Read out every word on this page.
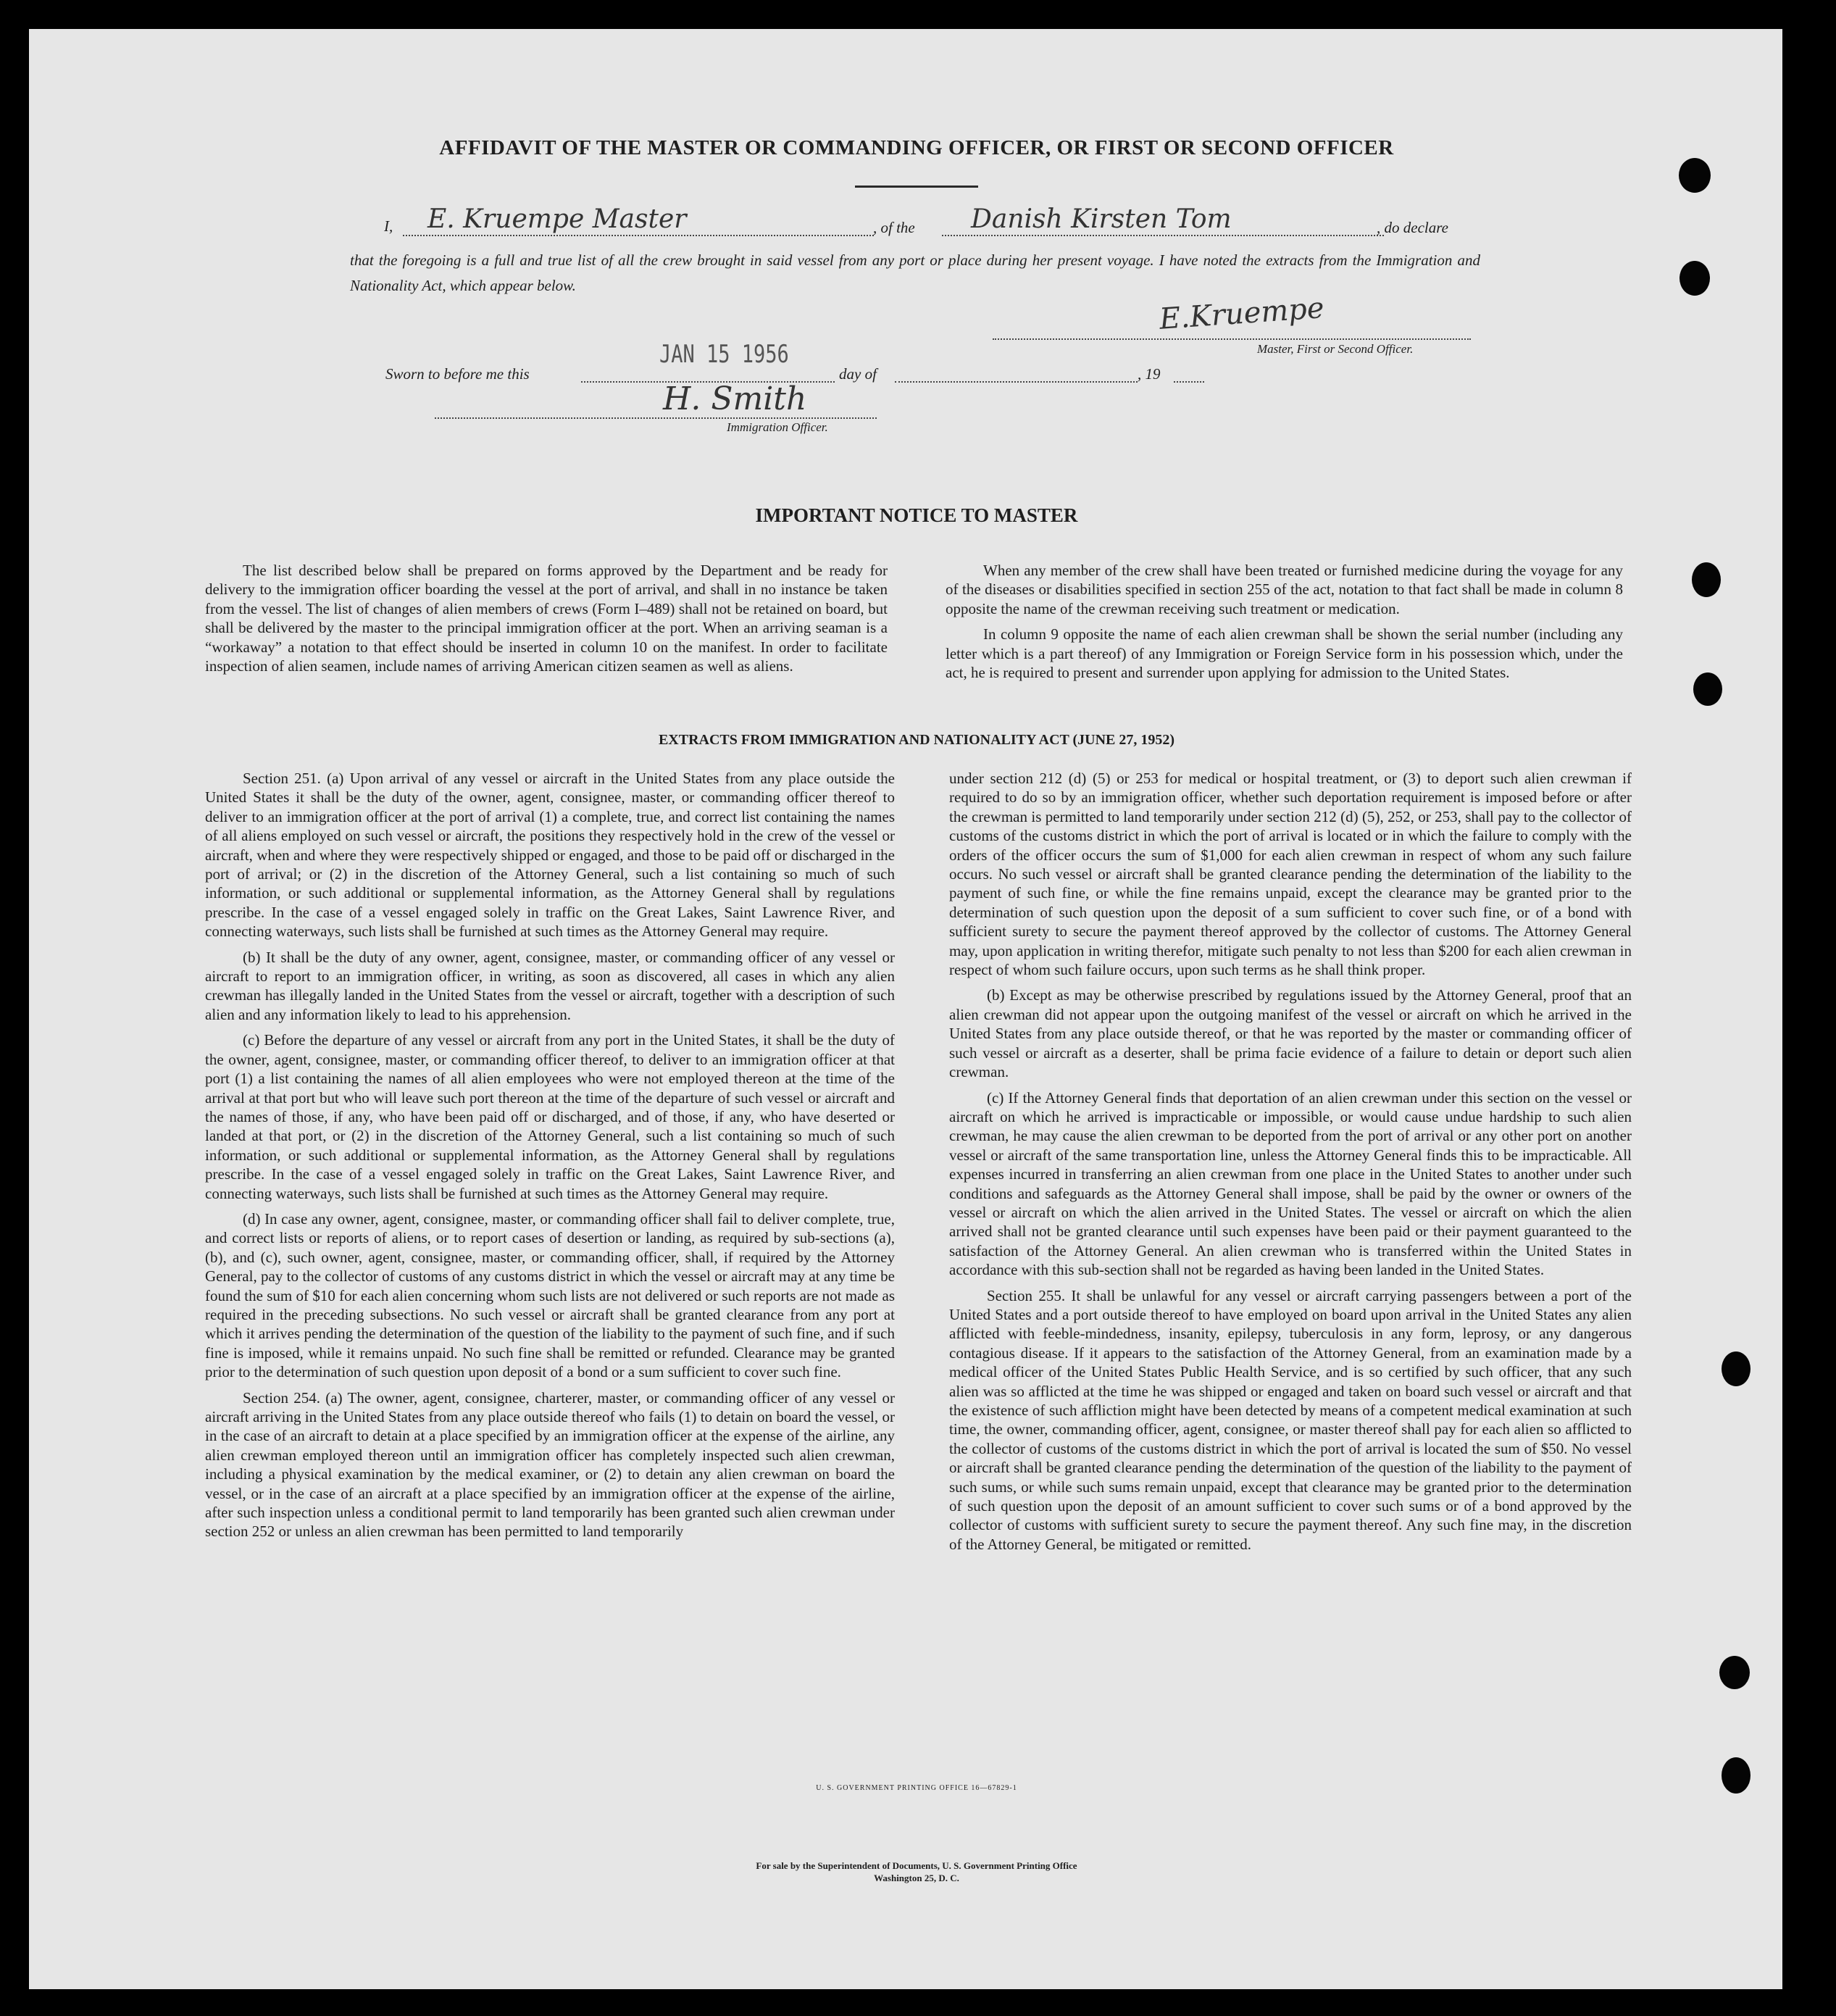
AFFIDAVIT OF THE MASTER OR COMMANDING OFFICER, OR FIRST OR SECOND OFFICER
I, E. Kruempe Master	, of the Danish Kirsten Tom	, do declare
that the foregoing is a full and true list of all the crew brought in said vessel from any port or place during her present voyage. I have noted the extracts from the Immigration and Nationality Act, which appear below.
E.Kruempe
Master, First or Second Officer.
Sworn to before me this
JAN 15 1956
day of	, 19
H. Smith
Immigration Officer.
IMPORTANT NOTICE TO MASTER

The list described below shall be prepared on forms approved by the Department and be ready for delivery to the immigration officer boarding the vessel at the port of arrival, and shall in no instance be taken from the vessel. The list of changes of alien members of crews (Form I–489) shall not be retained on board, but shall be delivered by the master to the principal immigration officer at the port. When an arriving seaman is a “workaway” a notation to that effect should be inserted in column 10 on the manifest. In order to facilitate inspection of alien seamen, include names of arriving American citizen seamen as well as aliens.

When any member of the crew shall have been treated or furnished medicine during the voyage for any of the diseases or disabilities specified in section 255 of the act, notation to that fact shall be made in column 8 opposite the name of the crewman receiving such treatment or medication.

In column 9 opposite the name of each alien crewman shall be shown the serial number (including any letter which is a part thereof) of any Immigration or Foreign Service form in his possession which, under the act, he is required to present and surrender upon applying for admission to the United States.

EXTRACTS FROM IMMIGRATION AND NATIONALITY ACT (JUNE 27, 1952)

Section 251. (a) Upon arrival of any vessel or aircraft in the United States from any place outside the United States it shall be the duty of the owner, agent, consignee, master, or commanding officer thereof to deliver to an immigration officer at the port of arrival (1) a complete, true, and correct list containing the names of all aliens employed on such vessel or aircraft, the positions they respectively hold in the crew of the vessel or aircraft, when and where they were respectively shipped or engaged, and those to be paid off or discharged in the port of arrival; or (2) in the discretion of the Attorney General, such a list containing so much of such information, or such additional or supplemental information, as the Attorney General shall by regulations prescribe. In the case of a vessel engaged solely in traffic on the Great Lakes, Saint Lawrence River, and connecting waterways, such lists shall be furnished at such times as the Attorney General may require.

(b) It shall be the duty of any owner, agent, consignee, master, or commanding officer of any vessel or aircraft to report to an immigration officer, in writing, as soon as discovered, all cases in which any alien crewman has illegally landed in the United States from the vessel or aircraft, together with a description of such alien and any information likely to lead to his apprehension.

(c) Before the departure of any vessel or aircraft from any port in the United States, it shall be the duty of the owner, agent, consignee, master, or commanding officer thereof, to deliver to an immigration officer at that port (1) a list containing the names of all alien employees who were not employed thereon at the time of the arrival at that port but who will leave such port thereon at the time of the departure of such vessel or aircraft and the names of those, if any, who have been paid off or discharged, and of those, if any, who have deserted or landed at that port, or (2) in the discretion of the Attorney General, such a list containing so much of such information, or such additional or supplemental information, as the Attorney General shall by regulations prescribe. In the case of a vessel engaged solely in traffic on the Great Lakes, Saint Lawrence River, and connecting waterways, such lists shall be furnished at such times as the Attorney General may require.

(d) In case any owner, agent, consignee, master, or commanding officer shall fail to deliver complete, true, and correct lists or reports of aliens, or to report cases of desertion or landing, as required by sub-sections (a), (b), and (c), such owner, agent, consignee, master, or commanding officer, shall, if required by the Attorney General, pay to the collector of customs of any customs district in which the vessel or aircraft may at any time be found the sum of $10 for each alien concerning whom such lists are not delivered or such reports are not made as required in the preceding subsections. No such vessel or aircraft shall be granted clearance from any port at which it arrives pending the determination of the question of the liability to the payment of such fine, and if such fine is imposed, while it remains unpaid. No such fine shall be remitted or refunded. Clearance may be granted prior to the determination of such question upon deposit of a bond or a sum sufficient to cover such fine.

Section 254. (a) The owner, agent, consignee, charterer, master, or commanding officer of any vessel or aircraft arriving in the United States from any place outside thereof who fails (1) to detain on board the vessel, or in the case of an aircraft to detain at a place specified by an immigration officer at the expense of the airline, any alien crewman employed thereon until an immigration officer has completely inspected such alien crewman, including a physical examination by the medical examiner, or (2) to detain any alien crewman on board the vessel, or in the case of an aircraft at a place specified by an immigration officer at the expense of the airline, after such inspection unless a conditional permit to land temporarily has been granted such alien crewman under section 252 or unless an alien crewman has been permitted to land temporarily

under section 212 (d) (5) or 253 for medical or hospital treatment, or (3) to deport such alien crewman if required to do so by an immigration officer, whether such deportation requirement is imposed before or after the crewman is permitted to land temporarily under section 212 (d) (5), 252, or 253, shall pay to the collector of customs of the customs district in which the port of arrival is located or in which the failure to comply with the orders of the officer occurs the sum of $1,000 for each alien crewman in respect of whom any such failure occurs. No such vessel or aircraft shall be granted clearance pending the determination of the liability to the payment of such fine, or while the fine remains unpaid, except the clearance may be granted prior to the determination of such question upon the deposit of a sum sufficient to cover such fine, or of a bond with sufficient surety to secure the payment thereof approved by the collector of customs. The Attorney General may, upon application in writing therefor, mitigate such penalty to not less than $200 for each alien crewman in respect of whom such failure occurs, upon such terms as he shall think proper.

(b) Except as may be otherwise prescribed by regulations issued by the Attorney General, proof that an alien crewman did not appear upon the outgoing manifest of the vessel or aircraft on which he arrived in the United States from any place outside thereof, or that he was reported by the master or commanding officer of such vessel or aircraft as a deserter, shall be prima facie evidence of a failure to detain or deport such alien crewman.

(c) If the Attorney General finds that deportation of an alien crewman under this section on the vessel or aircraft on which he arrived is impracticable or impossible, or would cause undue hardship to such alien crewman, he may cause the alien crewman to be deported from the port of arrival or any other port on another vessel or aircraft of the same transportation line, unless the Attorney General finds this to be impracticable. All expenses incurred in transferring an alien crewman from one place in the United States to another under such conditions and safeguards as the Attorney General shall impose, shall be paid by the owner or owners of the vessel or aircraft on which the alien arrived in the United States. The vessel or aircraft on which the alien arrived shall not be granted clearance until such expenses have been paid or their payment guaranteed to the satisfaction of the Attorney General. An alien crewman who is transferred within the United States in accordance with this sub-section shall not be regarded as having been landed in the United States.

Section 255. It shall be unlawful for any vessel or aircraft carrying passengers between a port of the United States and a port outside thereof to have employed on board upon arrival in the United States any alien afflicted with feeble-mindedness, insanity, epilepsy, tuberculosis in any form, leprosy, or any dangerous contagious disease. If it appears to the satisfaction of the Attorney General, from an examination made by a medical officer of the United States Public Health Service, and is so certified by such officer, that any such alien was so afflicted at the time he was shipped or engaged and taken on board such vessel or aircraft and that the existence of such affliction might have been detected by means of a competent medical examination at such time, the owner, commanding officer, agent, consignee, or master thereof shall pay for each alien so afflicted to the collector of customs of the customs district in which the port of arrival is located the sum of $50. No vessel or aircraft shall be granted clearance pending the determination of the question of the liability to the payment of such sums, or while such sums remain unpaid, except that clearance may be granted prior to the determination of such question upon the deposit of an amount sufficient to cover such sums or of a bond approved by the collector of customs with sufficient surety to secure the payment thereof. Any such fine may, in the discretion of the Attorney General, be mitigated or remitted.

U. S. GOVERNMENT PRINTING OFFICE 16—67829-1
For sale by the Superintendent of Documents, U. S. Government Printing Office
Washington 25, D. C.
